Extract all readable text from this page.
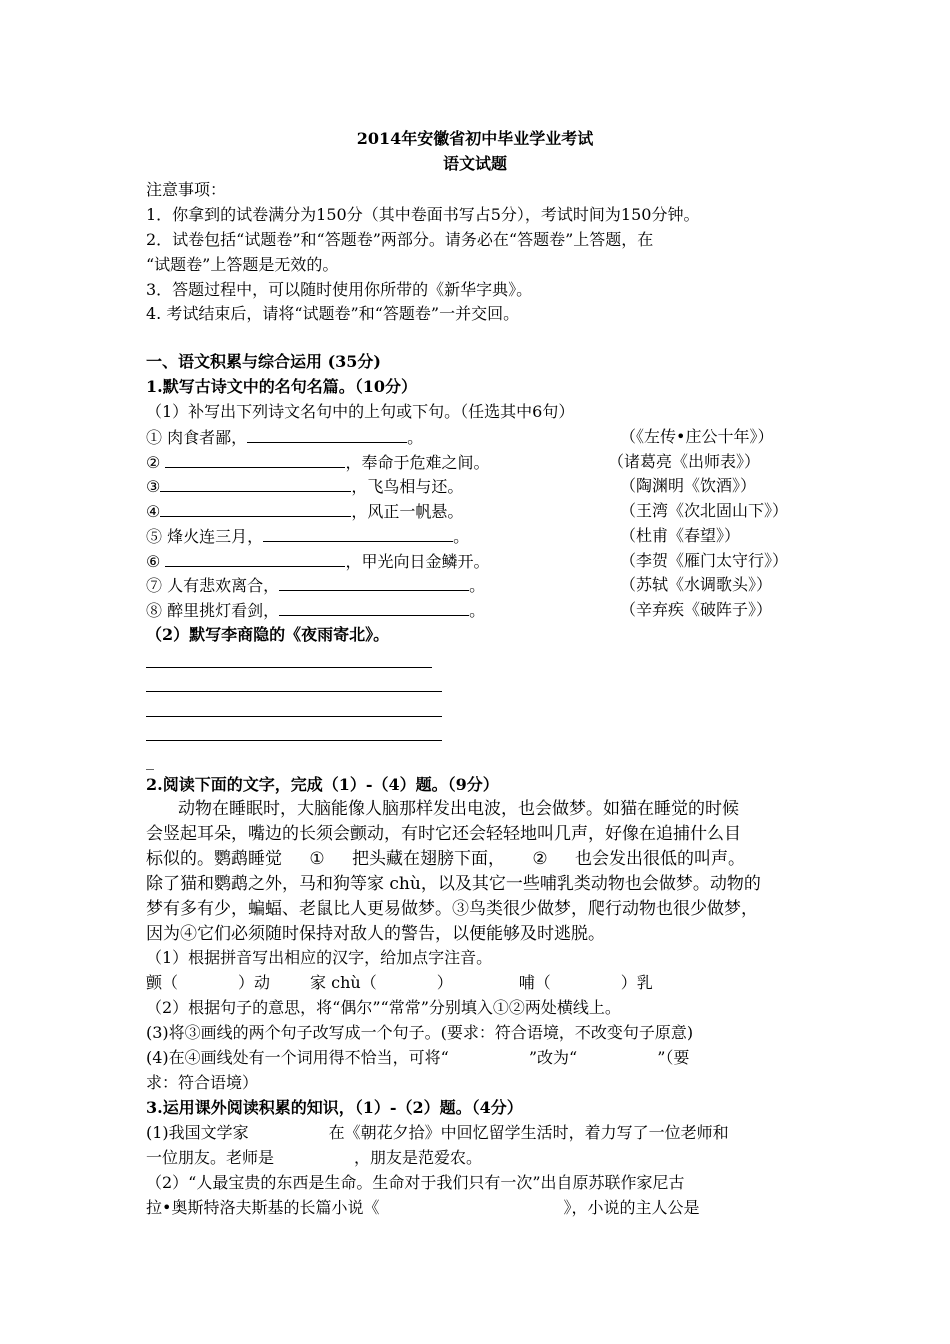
2014年安徽省初中毕业学业考试
语文试题
注意事项：
1．你拿到的试卷满分为150分（其中卷面书写占5分），考试时间为150分钟。
2．试卷包括“试题卷”和“答题卷”两部分。请务必在“答题卷”上答题，在
“试题卷”上答题是无效的。
3．答题过程中，可以随时使用你所带的《新华字典》。
4. 考试结束后，请将“试题卷”和“答题卷”一并交回。
一、语文积累与综合运用 (35分)
1.默写古诗文中的名句名篇。（10分）
（1）补写出下列诗文名句中的上句或下句。（任选其中6句）
① 肉食者鄙，	。	（《左传•庄公十年》）
②	，奉命于危难之间。	（诸葛亮《出师表》）
③	，飞鸟相与还。	（陶渊明《饮酒》）
④	，风正一帆悬。	（王湾《次北固山下》）
⑤ 烽火连三月，	。	（杜甫《春望》）
⑥	，甲光向日金鳞开。	（李贺《雁门太守行》）
⑦ 人有悲欢离合，	。	（苏轼《水调歌头》）
⑧ 醉里挑灯看剑，	。	（辛弃疾《破阵子》）
（2）默写李商隐的《夜雨寄北》。
_
2.阅读下面的文字，完成（1）-（4）题。（9分）
动物在睡眠时，大脑能像人脑那样发出电波，也会做梦。如猫在睡觉的时候
会竖起耳朵，嘴边的长须会颤动，有时它还会轻轻地叫几声，好像在追捕什么目
标似的。鹦鹉睡觉 ① 把头藏在翅膀下面， ② 也会发出很低的叫声。
除了猫和鹦鹉之外，马和狗等家 chù，以及其它一些哺乳类动物也会做梦。动物的
梦有多有少，蝙蝠、老鼠比人更易做梦。③鸟类很少做梦，爬行动物也很少做梦，
因为④它们必须随时保持对敌人的警告，以便能够及时逃脱。
（1）根据拼音写出相应的汉字，给加点字注音。
颤（	）动	家 chù（	）	哺（	）乳
（2）根据句子的意思，将“偶尔”“常常”分别填入①②两处横线上。
(3)将③画线的两个句子改写成一个句子。(要求：符合语境，不改变句子原意)
(4)在④画线处有一个词用得不恰当，可将“	”改为“	”（要
求：符合语境）
3.运用课外阅读积累的知识，（1）-（2）题。（4分）
(1)我国文学家	在《朝花夕拾》中回忆留学生活时，着力写了一位老师和
一位朋友。老师是	，朋友是范爱农。
（2）“人最宝贵的东西是生命。生命对于我们只有一次”出自原苏联作家尼古
拉•奥斯特洛夫斯基的长篇小说《	》，小说的主人公是
